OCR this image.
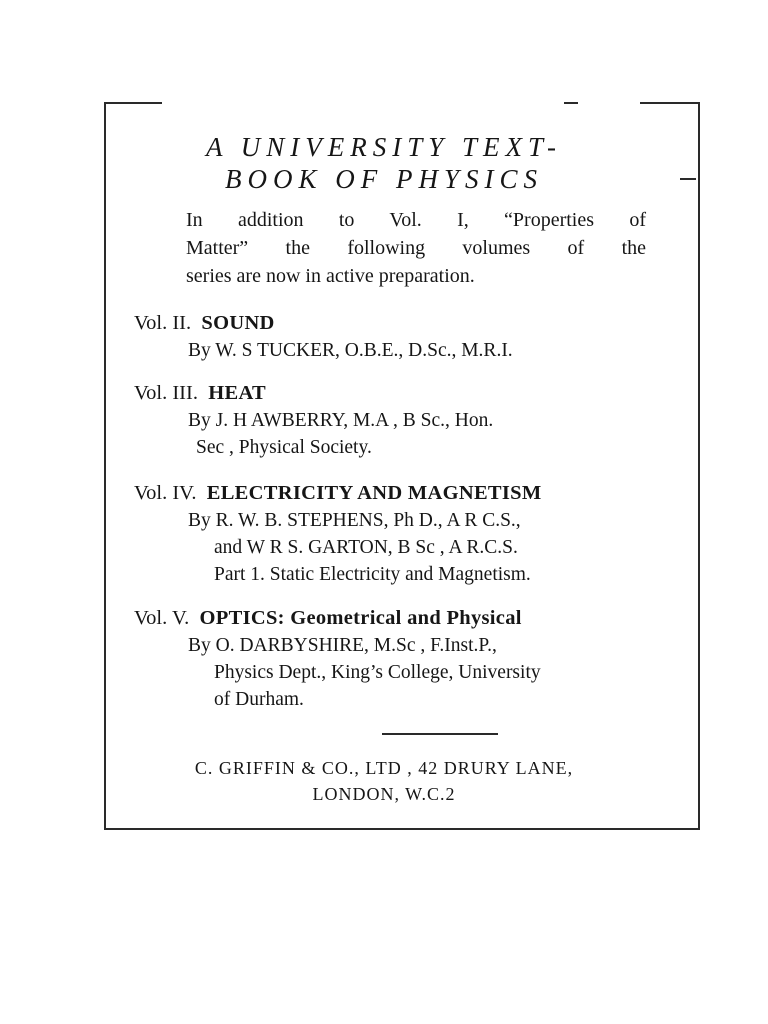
A UNIVERSITY TEXT-
BOOK OF PHYSICS

In addition to Vol. I, “Properties of

Matter” the following volumes of the

series are now in active preparation.

Vol. II. SOUND
By W. S TUCKER, O.B.E., D.Sc., M.R.I.
Vol. III. HEAT
By J. H AWBERRY, M.A , B Sc., Hon.
Sec , Physical Society.
Vol. IV. ELECTRICITY AND MAGNETISM
By R. W. B. STEPHENS, Ph D., A R C.S.,
and W R S. GARTON, B Sc , A R.C.S.
Part 1. Static Electricity and Magnetism.
Vol. V. OPTICS: Geometrical and Physical
By O. DARBYSHIRE, M.Sc , F.Inst.P.,
Physics Dept., King’s College, University
of Durham.
C. GRIFFIN & CO., LTD , 42 DRURY LANE,
LONDON, W.C.2
